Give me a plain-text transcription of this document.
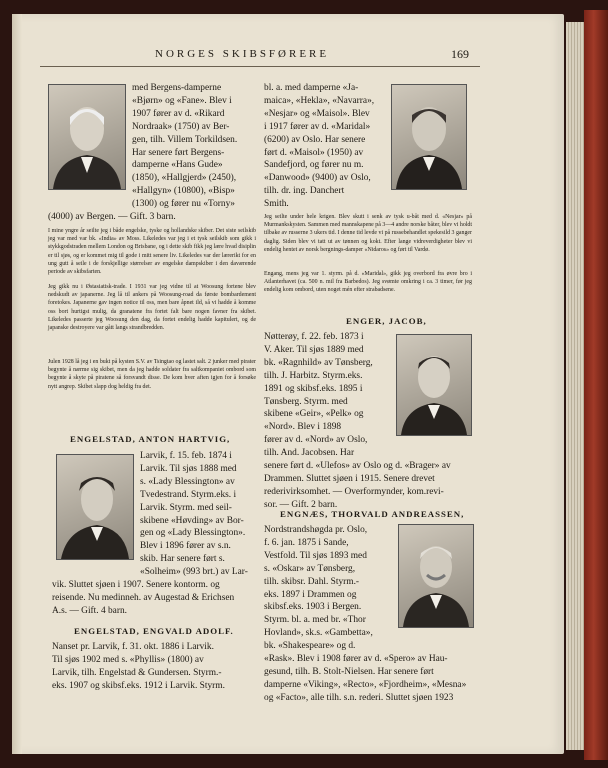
NORGES SKIBSFØRERE	169
med Bergens-damperne
«Bjørn» og «Fane». Blev i
1907 fører av d. «Rikard
Nordraak» (1750) av Ber-
gen, tilh. Villem Torkildsen.
Har senere ført Bergens-
damperne «Hans Gude»
(1850), «Hallgjerd» (2450),
«Hallgyn» (10800), «Bisp»
(1300) og fører nu «Torny»
(4000) av Bergen. — Gift. 3 barn.
I mine yngre år seilte jeg i både engelske, tyske og hollandske skiber. Det siste seilskib jeg var med var bk. «India» av Moss. Likeledes var jeg i et tysk seilskib som gikk i stykkgodstraden mellem London og Brisbane, og i dette skib fikk jeg lære hvad disiplin er til sjøs, og er kommet mig til gode i mitt senere liv. Likeledes var der lærerikt for en ung gutt å seile i de forskjellige størrelser av engelske dampskiber i den daværende periode av skibsfarten.
Jeg gikk nu i Østasiatisk-trade. I 1931 var jeg vidne til at Woosung fortene blev nedskudt av japanerne. Jeg lå til ankers på Woosung-road da første bombardement foretokes. Japanerne gav ingen notice til oss, men bare åpnet ild, så vi hadde å komme oss bort hurtigst mulig, da granatene fra fortet falt bare nogen favner fra skibet. Likeledes passerte jeg Woosung den dag, da fortet endelig hadde kapitulert, og de japanske destroyere var gått langs strandbredden.
Julen 1928 lå jeg i en bukt på kysten S.V. av Tsingtao og lastet salt. 2 junker med pirater begynte å nærme sig skibet, men da jeg hadde soldater fra saltkompaniet ombord som begynte å skyte på piratene så forsvandt disse. De kom hver aften igjen for å forsøke nytt angrep. Skibet slapp dog heldig fra det.
ENGELSTAD, ANTON HARTVIG,
Larvik, f. 15. feb. 1874 i
Larvik. Til sjøs 1888 med
s. «Lady Blessington» av
Tvedestrand. Styrm.eks. i
Larvik. Styrm. med seil-
skibene «Høvding» av Bor-
gen og «Lady Blessington».
Blev i 1896 fører av s.n.
skib. Har senere ført s.
«Solheim» (993 brt.) av Lar-
vik. Sluttet sjøen i 1907. Senere kontorm. og
reisende. Nu medinneh. av Augestad & Erichsen
A.s. — Gift. 4 barn.
ENGELSTAD, ENGVALD ADOLF.
Nanset pr. Larvik, f. 31. okt. 1886 i Larvik.
Til sjøs 1902 med s. «Phyllis» (1800) av
Larvik, tilh. Engelstad & Gundersen. Styrm.-
eks. 1907 og skibsf.eks. 1912 i Larvik. Styrm.
bl. a. med damperne «Ja-
maica», «Hekla», «Navarra»,
«Nesjar» og «Maisol». Blev
i 1917 fører av d. «Maridal»
(6200) av Oslo. Har senere
ført d. «Maisol» (1950) av
Sandefjord, og fører nu m.
«Danwood» (9400) av Oslo,
tilh. dr. ing. Danchert
Smith.
Jeg seilte under hele krigen. Blev skutt i senk av tysk u-båt med d. «Nesjar» på Murmankskysten. Sammen med mannskapene på 3—4 andre norske båter, blev vi holdt tilbake av russerne 3 ukers tid. I denne tid levde vi på russebehandlet spekesild 3 ganger daglig. Siden blev vi tatt ut av tønnen og kokt. Efter lange vidreverdigheter blev vi endelig hentet av norsk bergnings-damper «Nidaros» og ført til Vardø.
Engang, mens jeg var 1. styrm. på d. «Maridal», gikk jeg overbord fra øvre bro i Atlanterhavet (ca. 500 n. mil fra Barbedos). Jeg svømte omkring i ca. 3 timer, før jeg endelig kom ombord, uten noget mén efter strabadsene.
ENGER, JACOB,
Nøtterøy, f. 22. feb. 1873 i
V. Aker. Til sjøs 1889 med
bk. «Ragnhild» av Tønsberg,
tilh. J. Harbitz. Styrm.eks.
1891 og skibsf.eks. 1895 i
Tønsberg. Styrm. med
skibene «Geir», «Pelk» og
«Nord». Blev i 1898
fører av d. «Nord» av Oslo,
tilh. And. Jacobsen. Har
senere ført d. «Ulefos» av Oslo og d. «Brager» av
Drammen. Sluttet sjøen i 1915. Senere drevet
rederivirksomhet. — Overformynder, kom.revi-
sor. — Gift. 2 barn.
ENGNÆS, THORVALD ANDREASSEN,
Nordstrandshøgda pr. Oslo,
f. 6. jan. 1875 i Sande,
Vestfold. Til sjøs 1893 med
s. «Oskar» av Tønsberg,
tilh. skibsr. Dahl. Styrm.-
eks. 1897 i Drammen og
skibsf.eks. 1903 i Bergen.
Styrm. bl. a. med br. «Thor
Hovland», sk.s. «Gambetta»,
bk. «Shakespeare» og d.
«Rask». Blev i 1908 fører av d. «Spero» av Hau-
gesund, tilh. B. Stolt-Nielsen. Har senere ført
damperne «Viking», «Recto», «Fjordheim», «Mesna»
og «Facto», alle tilh. s.n. rederi. Sluttet sjøen 1923
